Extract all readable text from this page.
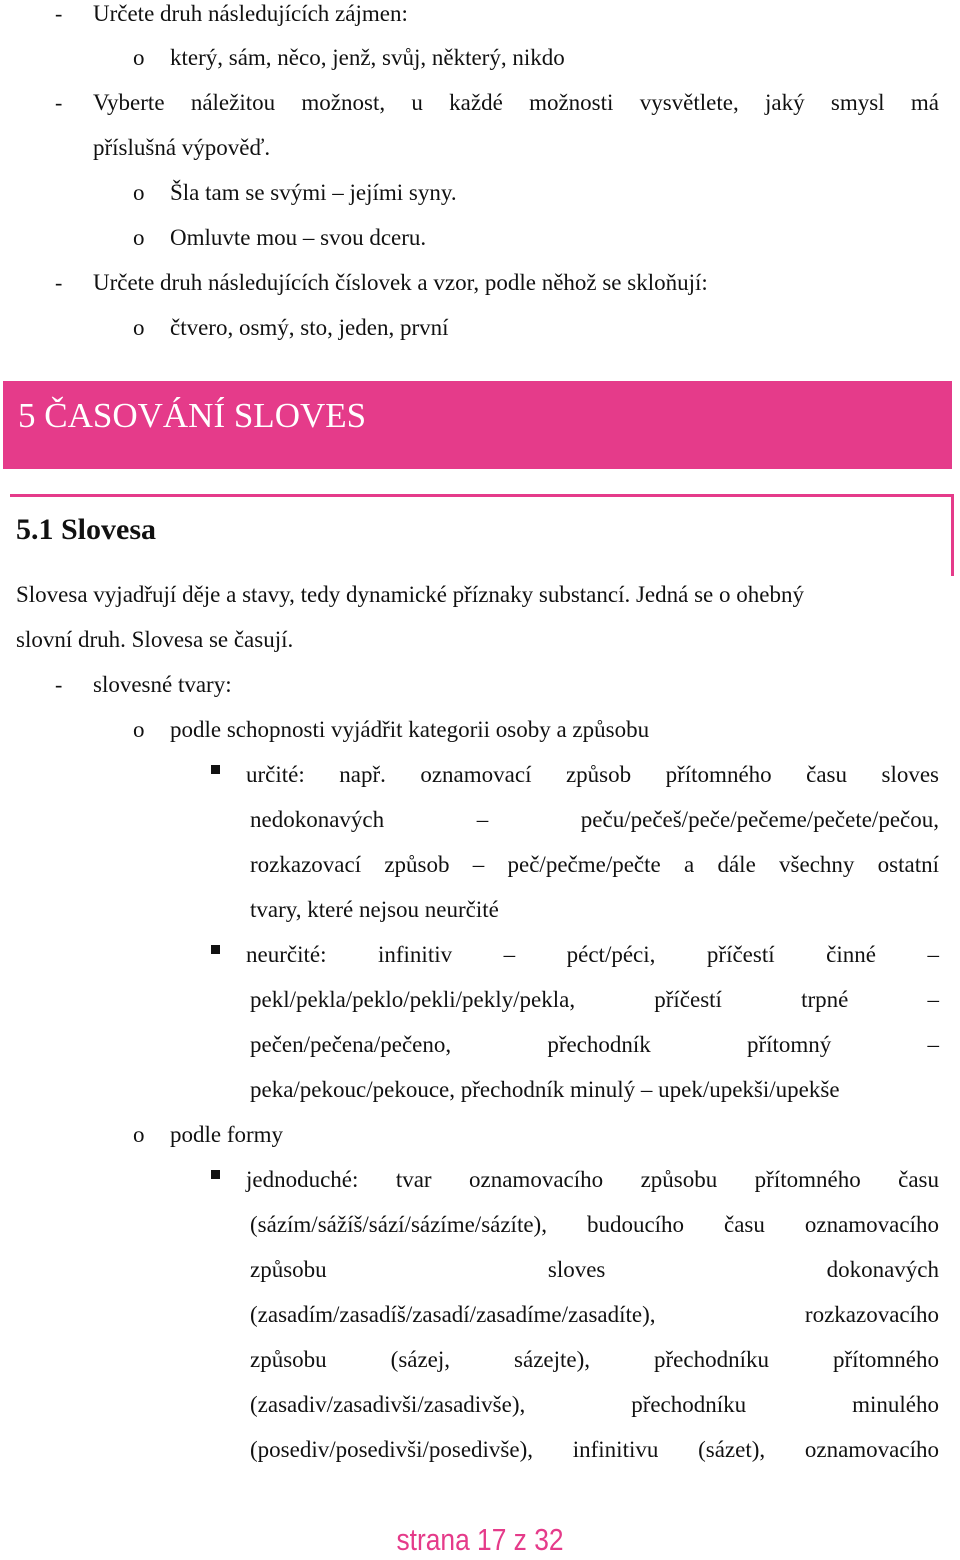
- Určete druh následujících zájmen:
o který, sám, něco, jenž, svůj, některý, nikdo
- Vyberte náležitou možnost, u každé možnosti vysvětlete, jaký smysl má
příslušná výpověď.
o Šla tam se svými – jejími syny.
o Omluvte mou – svou dceru.
- Určete druh následujících číslovek a vzor, podle něhož se skloňují:
o čtvero, osmý, sto, jeden, první
5 ČASOVÁNÍ SLOVES
5.1 Slovesa
Slovesa vyjadřují děje a stavy, tedy dynamické příznaky substancí. Jedná se o ohebný
slovní druh. Slovesa se časují.
- slovesné tvary:
o podle schopnosti vyjádřit kategorii osoby a způsobu
určité: např. oznamovací způsob přítomného času sloves
nedokonavých	–	peču/pečeš/peče/pečeme/pečete/pečou,
rozkazovací způsob – peč/pečme/pečte a dále všechny ostatní
tvary, které nejsou neurčité
neurčité: infinitiv – péct/péci, příčestí činné –
pekl/pekla/peklo/pekli/pekly/pekla,	příčestí	trpné	–
pečen/pečena/pečeno,	přechodník	přítomný	–
peka/pekouc/pekouce, přechodník minulý – upek/upekši/upekše
o podle formy
jednoduché: tvar oznamovacího způsobu přítomného času
(sázím/sážíš/sází/sázíme/sázíte), budoucího času oznamovacího
způsobu	sloves	dokonavých
(zasadím/zasadíš/zasadí/zasadíme/zasadíte),	rozkazovacího
způsobu	(sázej,	sázejte),	přechodníku	přítomného
(zasadiv/zasadivši/zasadivše),	přechodníku	minulého
(posediv/posedivši/posedivše), infinitivu (sázet), oznamovacího
strana 17 z 32
